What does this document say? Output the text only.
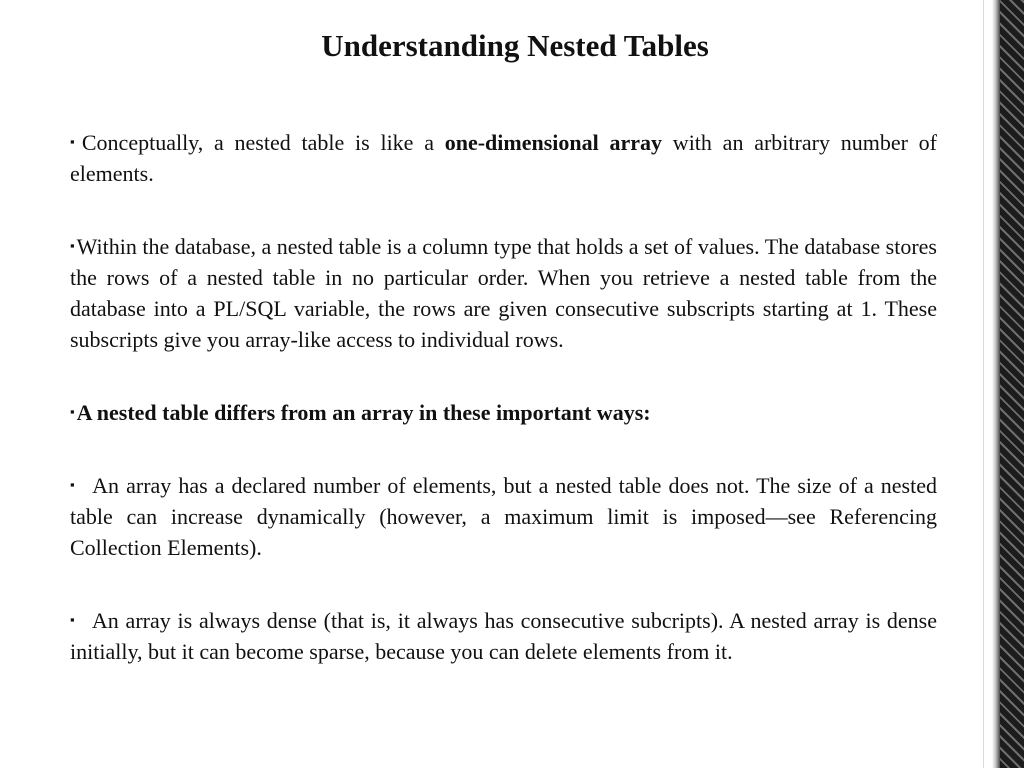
Understanding Nested Tables

▪Conceptually, a nested table is like a one-dimensional array with an arbitrary number of elements.

▪Within the database, a nested table is a column type that holds a set of values. The database stores the rows of a nested table in no particular order. When you retrieve a nested table from the database into a PL/SQL variable, the rows are given consecutive subscripts starting at 1. These subscripts give you array-like access to individual rows.

▪A nested table differs from an array in these important ways:

▪ An array has a declared number of elements, but a nested table does not. The size of a nested table can increase dynamically (however, a maximum limit is imposed—see Referencing Collection Elements).

▪ An array is always dense (that is, it always has consecutive subcripts). A nested array is dense initially, but it can become sparse, because you can delete elements from it.
